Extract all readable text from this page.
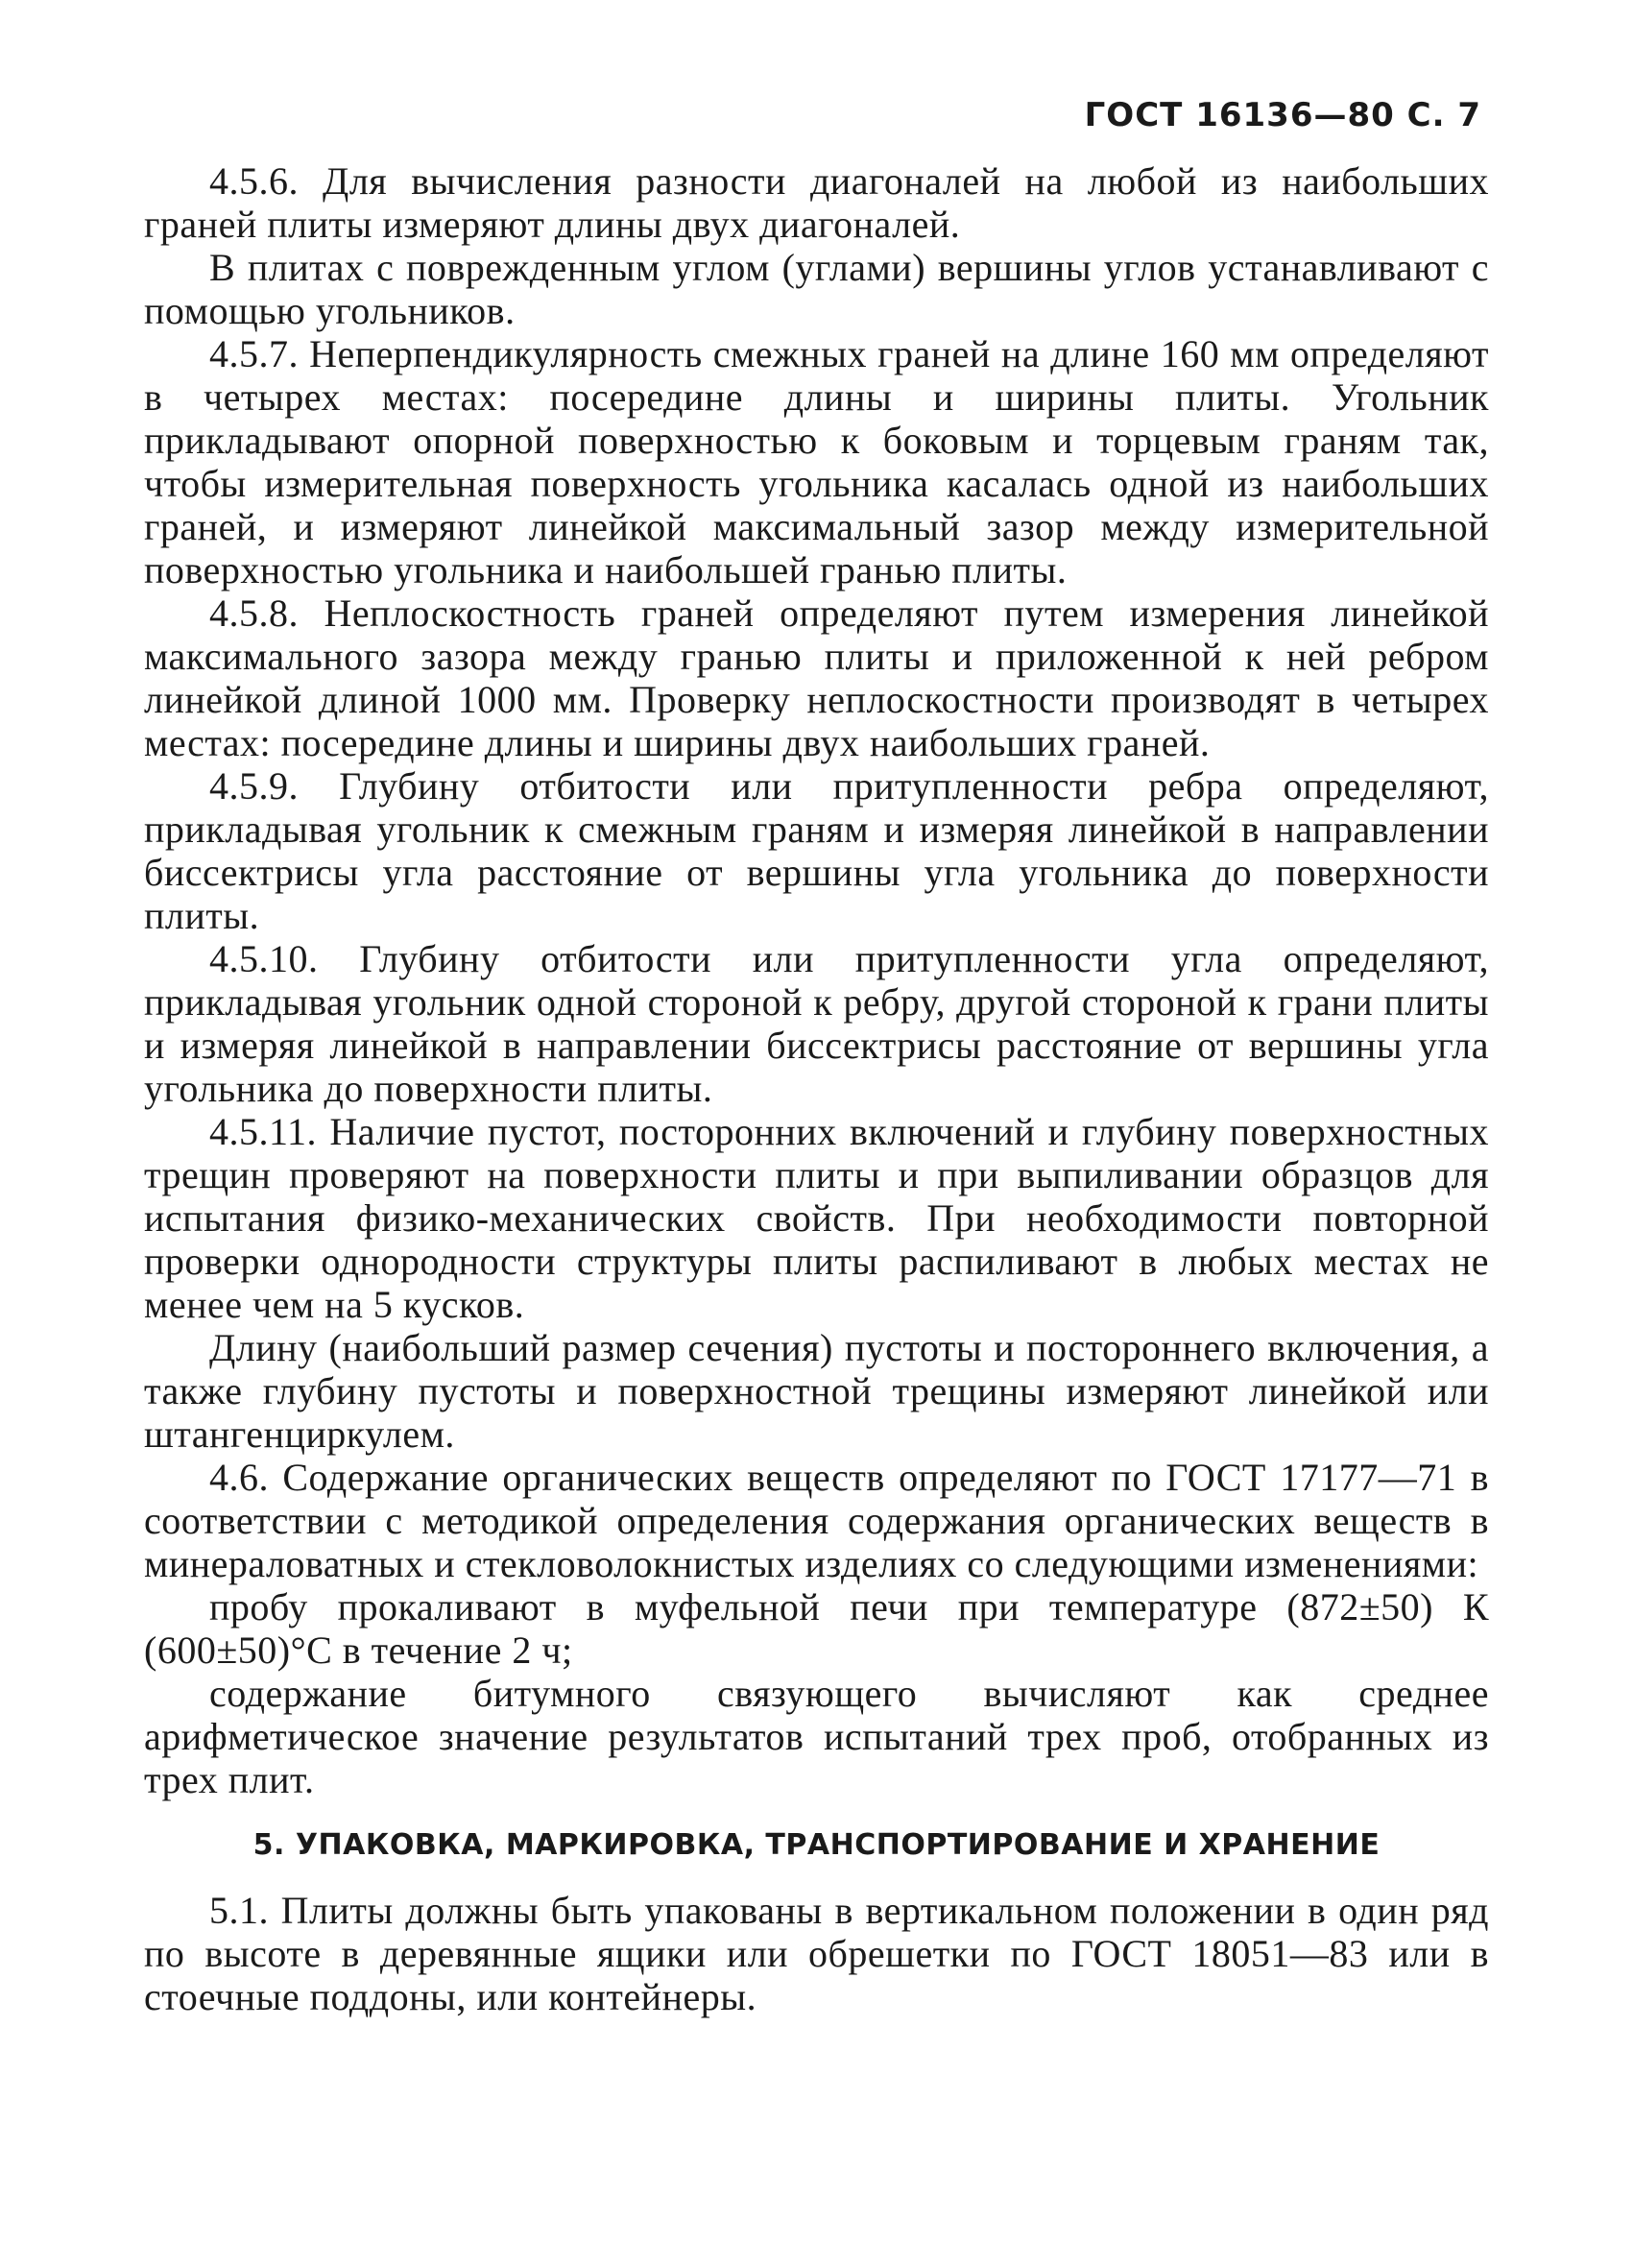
ГОСТ 16136—80 С. 7

4.5.6. Для вычисления разности диагоналей на любой из наибольших граней плиты измеряют длины двух диагоналей.

В плитах с поврежденным углом (углами) вершины углов устанавливают с помощью угольников.

4.5.7. Неперпендикулярность смежных граней на длине 160 мм определяют в четырех местах: посередине длины и ширины плиты. Угольник прикладывают опорной поверхностью к боковым и торцевым граням так, чтобы измерительная поверхность угольника касалась одной из наибольших граней, и измеряют линейкой максимальный зазор между измерительной поверхностью угольника и наибольшей гранью плиты.

4.5.8. Неплоскостность граней определяют путем измерения линейкой максимального зазора между гранью плиты и приложенной к ней ребром линейкой длиной 1000 мм. Проверку неплоскостности производят в четырех местах: посередине длины и ширины двух наибольших граней.

4.5.9. Глубину отбитости или притупленности ребра определяют, прикладывая угольник к смежным граням и измеряя линейкой в направлении биссектрисы угла расстояние от вершины угла угольника до поверхности плиты.

4.5.10. Глубину отбитости или притупленности угла определяют, прикладывая угольник одной стороной к ребру, другой стороной к грани плиты и измеряя линейкой в направлении биссектрисы расстояние от вершины угла угольника до поверхности плиты.

4.5.11. Наличие пустот, посторонних включений и глубину поверхностных трещин проверяют на поверхности плиты и при выпиливании образцов для испытания физико-механических свойств. При необходимости повторной проверки однородности структуры плиты распиливают в любых местах не менее чем на 5 кусков.

Длину (наибольший размер сечения) пустоты и постороннего включения, а также глубину пустоты и поверхностной трещины измеряют линейкой или штангенциркулем.

4.6. Содержание органических веществ определяют по ГОСТ 17177—71 в соответствии с методикой определения содержания органических веществ в минераловатных и стекловолокнистых изделиях со следующими изменениями:

пробу прокаливают в муфельной печи при температуре (872±50) К (600±50)°С в течение 2 ч;

содержание битумного связующего вычисляют как среднее арифметическое значение результатов испытаний трех проб, отобранных из трех плит.

5. УПАКОВКА, МАРКИРОВКА, ТРАНСПОРТИРОВАНИЕ И ХРАНЕНИЕ

5.1. Плиты должны быть упакованы в вертикальном положении в один ряд по высоте в деревянные ящики или обрешетки по ГОСТ 18051—83 или в стоечные поддоны, или контейнеры.
